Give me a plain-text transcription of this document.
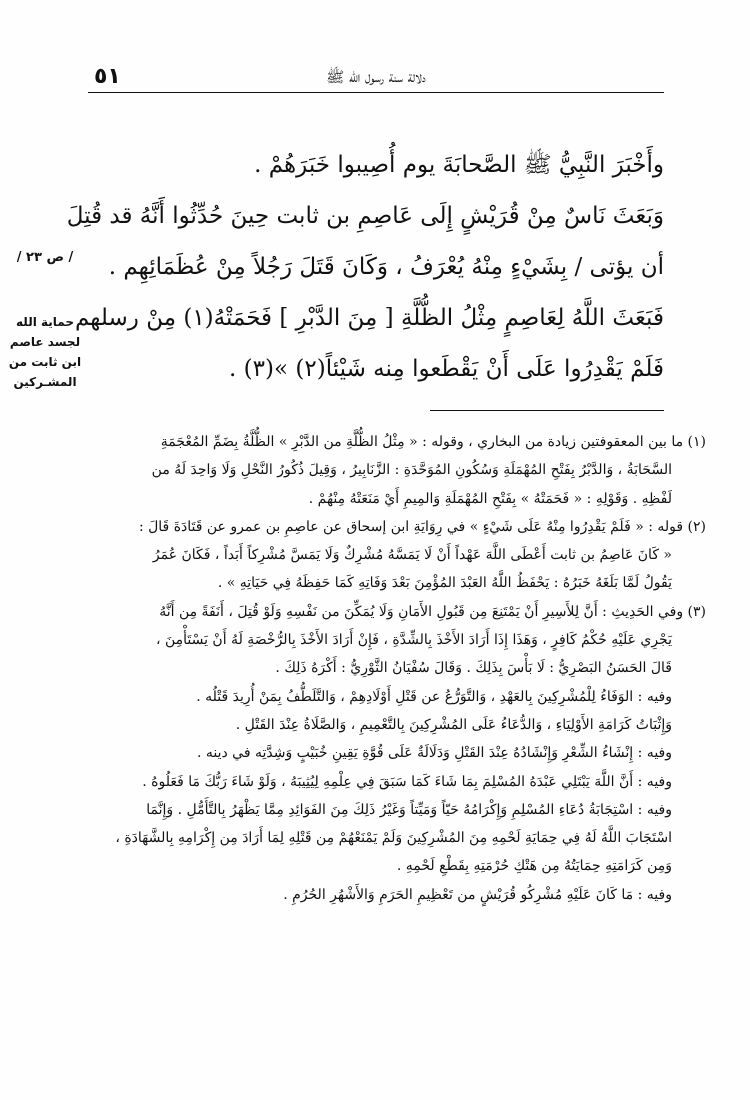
٥١	دلالة سنة رسول الله ﷺ
/ ص ٢٣ /
حماية الله
لجسد عاصم
ابن ثابت من
المشـركين

وأَخْبَرَ النَّبِيُّ ﷺ الصَّحابَةَ يوم أُصِيبوا خَبَرَهُمْ .

وَبَعَثَ نَاسٌ مِنْ قُرَيْشٍ إِلَى عَاصِمِ بن ثابت حِينَ حُدِّثُوا أَنَّهُ قد قُتِلَ

أن يؤتى / بِشَيْءٍ مِنْهُ يُعْرَفُ ، وَكَانَ قَتَلَ رَجُلاً مِنْ عُظَمَائِهِم .

فَبَعَثَ اللَّهُ لِعَاصِمٍ مِثْلُ الظُّلَّةِ [ مِنَ الدَّبْرِ ] فَحَمَتْهُ(١) مِنْ رسلهم

فَلَمْ يَقْدِرُوا عَلَى أَنْ يَقْطَعوا مِنه شَيْئاً(٢) »(٣) .

(١) ما بين المعقوفتين زيادة من البخاري ، وقوله : « مِثْلُ الظُّلَّةِ من الدَّبْرِ » الظُّلَّةُ بِضَمِّ المُعْجَمَةِ

السَّحَابَةُ ، وَالدَّبْرُ بِفَتْحِ المُهْمَلَةِ وَسُكُونِ المُوَحَّدَةِ : الزَّنَابِيرُ ، وَقِيلَ ذُكُورُ النَّحْلِ وَلَا وَاحِدَ لَهُ من

لَفْظِهِ . وَقَوْلِهِ : « فَحَمَتْهُ » بِفَتْحِ المُهْمَلَةِ وَالمِيمِ أَيْ مَنَعَتْهُ مِنْهُمْ .

(٢) قوله : « فَلَمْ يَقْدِرُوا مِنْهُ عَلَى شَيْءٍ » في رِوَايَةِ ابن إسحاق عن عاصِمِ بن عمرو عن قَتَادَةَ قَالَ :

« كَانَ عَاصِمُ بن ثابت أَعْطَى اللَّهَ عَهْداً أَنْ لَا يَمَسَّهُ مُشْرِكٌ وَلَا يَمَسَّ مُشْرِكاً أَبَداً ، فَكَانَ عُمَرُ

يَقُولُ لَمَّا بَلَغَهُ خَبَرُهُ : يَحْفَظُ اللَّهُ العَبْدَ المُؤْمِنَ بَعْدَ وَفَاتِهِ كَمَا حَفِظَهُ فِي حَيَاتِهِ » .

(٣) وفي الحَدِيثِ : أَنَّ لِلأَسِيرِ أَنْ يَمْتَنِعَ مِن قَبُولِ الأَمَانِ وَلَا يُمَكِّنَ من نَفْسِهِ وَلَوْ قُتِلَ ، أَنَفَةً مِن أَنَّهُ

يَجْرِي عَلَيْهِ حُكْمُ كَافِرٍ ، وَهَذَا إِذَا أَرَادَ الأَخْذَ بِالشِّدَّةِ ، فَإِنْ أَرَادَ الأَخْذَ بِالرُّخْصَةِ لَهُ أَنْ يَسْتَأْمِنَ ،

قَالَ الحَسَنُ البَصْرِيُّ : لَا بَأْسَ بِذَلِكَ . وَقَالَ سُفْيَانُ الثَّوْرِيُّ : أَكْرَهُ ذَلِكَ .

وفيه : الوَفَاءُ لِلْمُشْرِكِينَ بِالعَهْدِ ، وَالتَّوَرُّعُ عن قَتْلِ أَوْلَادِهِمْ ، وَالتَّلَطُّفُ بِمَنْ أُرِيدَ قَتْلُه .

وَإِثْبَاتُ كَرَامَةِ الأَوْلِيَاءِ ، وَالدُّعَاءُ عَلَى المُشْرِكِينَ بِالتَّعْمِيمِ ، وَالصَّلَاةُ عِنْدَ القَتْلِ .

وفيه : إِنْشَاءُ الشِّعْرِ وَإِنْشَادُهُ عِنْدَ القَتْلِ وَدَلَالَةٌ عَلَى قُوَّةِ يَقِينِ خُبَيْبٍ وَشِدَّتِه في دينه .

وفيه : أَنَّ اللَّهَ يَبْتَلِي عَبْدَهُ المُسْلِمَ بِمَا شَاءَ كَمَا سَبَقَ فِي عِلْمِهِ لِيُثِيبَهُ ، وَلَوْ شَاءَ رَبُّكَ مَا فَعَلُوهُ .

وفيه : اسْتِجَابَةُ دُعَاءِ المُسْلِمِ وَإِكْرَامُهُ حَيّاً وَمَيِّتاً وَغَيْرُ ذَلِكَ مِنَ الفَوَائِدِ مِمَّا يَظْهَرُ بِالتَّأَمُّلِ . وَإِنَّمَا

اسْتَجَابَ اللَّهُ لَهُ فِي حِمَايَةِ لَحْمِهِ مِنَ المُشْرِكِينَ وَلَمْ يَمْنَعْهُمْ مِن قَتْلِهِ لِمَا أَرَادَ مِن إِكْرَامِهِ بِالشَّهَادَةِ ،

وَمِن كَرَامَتِهِ حِمَايَتُهُ مِن هَتْكِ حُرْمَتِهِ بِقَطْعِ لَحْمِهِ .

وفيه : مَا كَانَ عَلَيْهِ مُشْرِكُو قُرَيْشٍ من تَعْظِيمِ الحَرَمِ وَالأَشْهُرِ الحُرُمِ .
